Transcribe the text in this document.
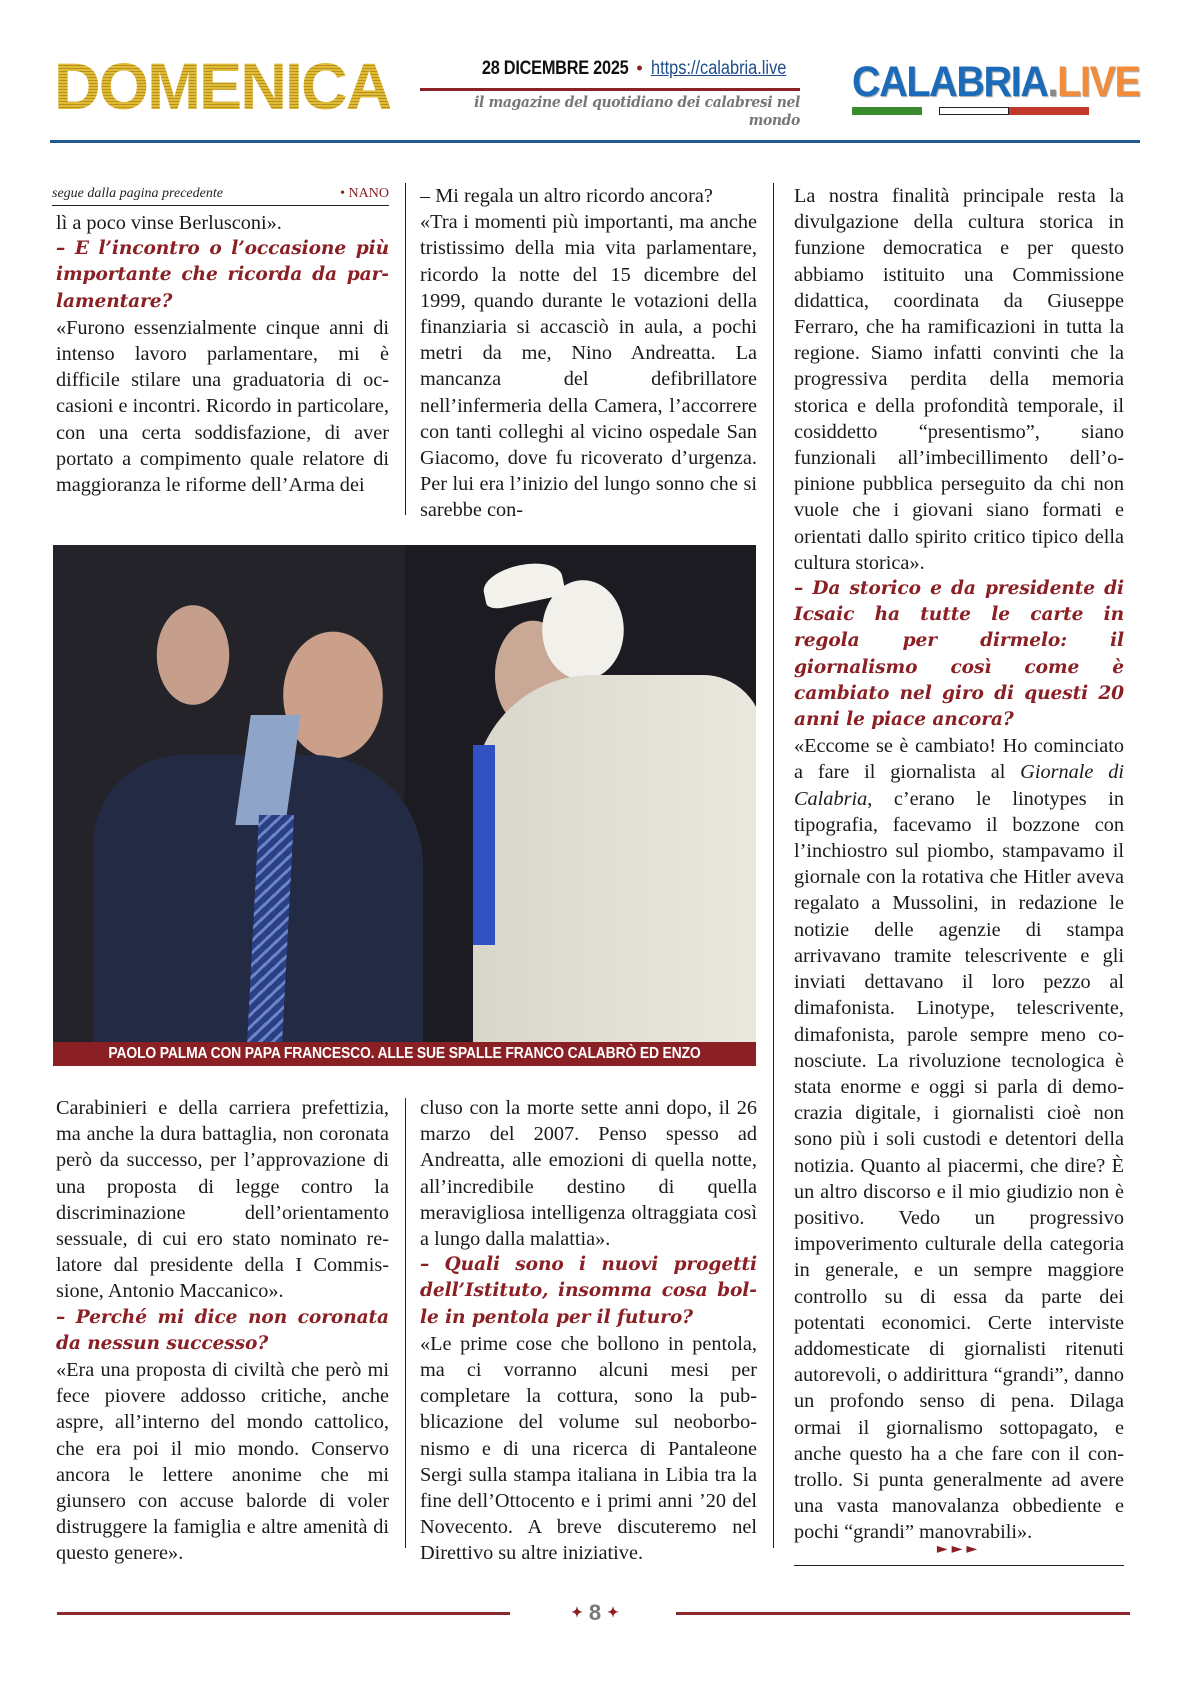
DOMENICA	28 DICEMBRE 2025 • https://calabria.live
il magazine del quotidiano dei calabresi nel mondo
CALABRIA.LIVE
segue dalla pagina precedente	• NANO

lì a poco vinse Berlusconi».

– E l’incontro o l’occasione più importante che ricorda da parlamentare?

«Furono essenzialmente cinque anni di intenso lavoro parlamentare, mi è difficile stilare una graduatoria di occasioni e incontri. Ricordo in particolare, con una certa soddisfazione, di aver portato a compimento quale relatore di maggioranza le riforme dell’Arma dei

– Mi regala un altro ricordo ancora?

«Tra i momenti più importanti, ma anche tristissimo della mia vita parlamentare, ricordo la notte del 15 dicembre del 1999, quando durante le votazioni della finanziaria si accasciò in aula, a pochi metri da me, Nino Andreatta. La mancanza del defibrillatore nell’infermeria della Camera, l’accorrere con tanti colleghi al vicino ospedale San Giacomo, dove fu ricoverato d’urgenza. Per lui era l’inizio del lungo sonno che si sarebbe con-

PAOLO PALMA CON PAPA FRANCESCO. ALLE SUE SPALLE FRANCO CALABRÒ ED ENZO IACOPINO

Carabinieri e della carriera prefettizia, ma anche la dura battaglia, non coronata però da successo, per l’approvazione di una proposta di legge contro la discriminazione dell’orientamento sessuale, di cui ero stato nominato relatore dal presidente della I Commissione, Antonio Maccanico».

– Perché mi dice non coronata da nessun successo?

«Era una proposta di civiltà che però mi fece piovere addosso critiche, anche aspre, all’interno del mondo cattolico, che era poi il mio mondo. Conservo ancora le lettere anonime che mi giunsero con accuse balorde di voler distruggere la famiglia e altre amenità di questo genere».

cluso con la morte sette anni dopo, il 26 marzo del 2007. Penso spesso ad Andreatta, alle emozioni di quella notte, all’incredibile destino di quella meravigliosa intelligenza oltraggiata così a lungo dalla malattia».

– Quali sono i nuovi progetti dell’Istituto, insomma cosa bolle in pentola per il futuro?

«Le prime cose che bollono in pentola, ma ci vorranno alcuni mesi per completare la cottura, sono la pubblicazione del volume sul neoborbonismo e di una ricerca di Pantaleone Sergi sulla stampa italiana in Libia tra la fine dell’Ottocento e i primi anni ’20 del Novecento. A breve discuteremo nel Direttivo su altre iniziative.

La nostra finalità principale resta la divulgazione della cultura storica in funzione democratica e per questo abbiamo istituito una Commissione didattica, coordinata da Giuseppe Ferraro, che ha ramificazioni in tutta la regione. Siamo infatti convinti che la progressiva perdita della memoria storica e della profondità temporale, il cosiddetto “presentismo”, siano funzionali all’imbecillimento dell’opinione pubblica perseguito da chi non vuole che i giovani siano formati e orientati dallo spirito critico tipico della cultura storica».

– Da storico e da presidente di Icsaic ha tutte le carte in regola per dirmelo: il giornalismo così come è cambiato nel giro di questi 20 anni le piace ancora?

«Eccome se è cambiato! Ho cominciato a fare il giornalista al Giornale di Calabria, c’erano le linotypes in tipografia, facevamo il bozzone con l’inchiostro sul piombo, stampavamo il giornale con la rotativa che Hitler aveva regalato a Mussolini, in redazione le notizie delle agenzie di stampa arrivavano tramite telescrivente e gli inviati dettavano il loro pezzo al dimafonista. Linotype, telescrivente, dimafonista, parole sempre meno conosciute. La rivoluzione tecnologica è stata enorme e oggi si parla di democrazia digitale, i giornalisti cioè non sono più i soli custodi e detentori della notizia. Quanto al piacermi, che dire? È un altro discorso e il mio giudizio non è positivo. Vedo un progressivo impoverimento culturale della categoria in generale, e un sempre maggiore controllo su di essa da parte dei potentati economici. Certe interviste addomesticate di giornalisti ritenuti autorevoli, o addirittura “grandi”, danno un profondo senso di pena. Dilaga ormai il giornalismo sottopagato, e anche questo ha a che fare con il controllo. Si punta generalmente ad avere una vasta manovalanza obbediente e pochi “grandi” manovrabili».

►►►
✦ 8 ✦
